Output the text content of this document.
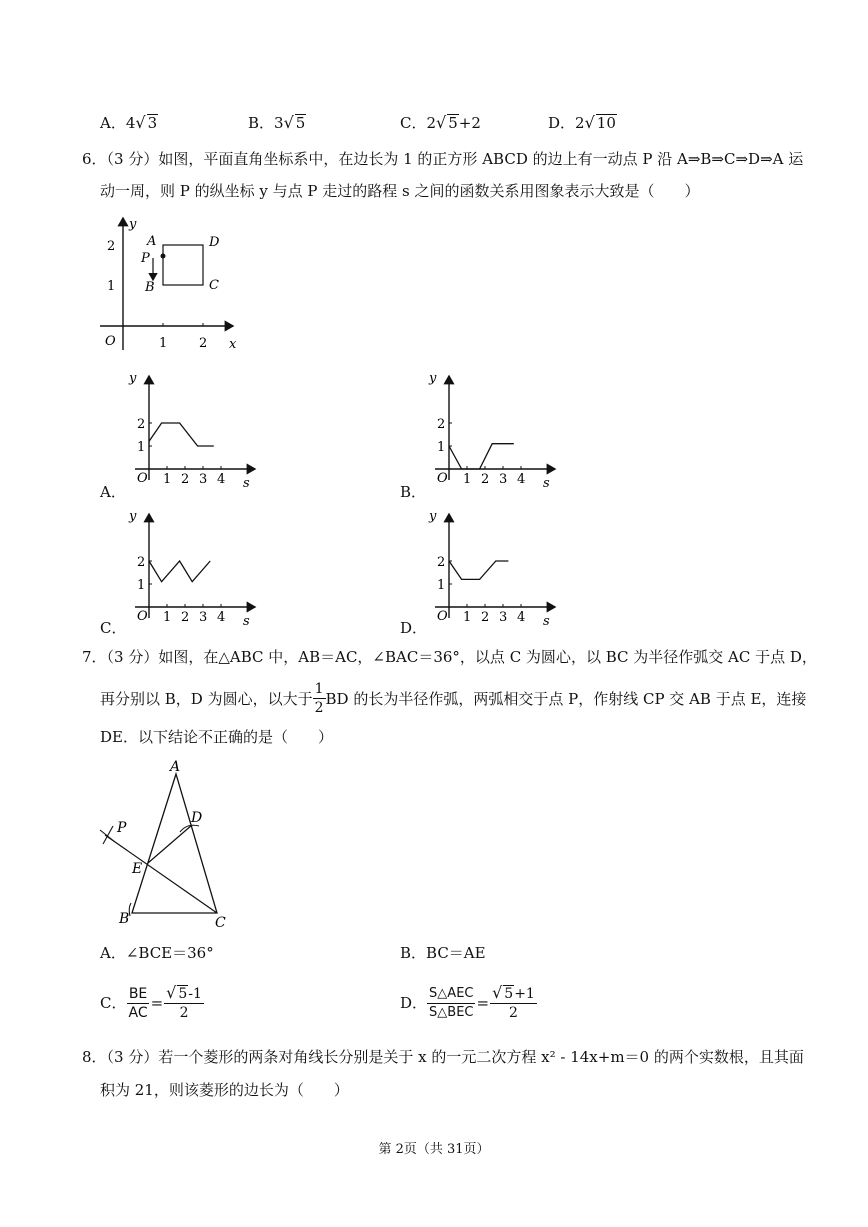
A．4√ 3	B．3√ 5	C．2√ 5+2	D．2√ 10
6．（3 分）如图，平面直角坐标系中，在边长为 1 的正方形 ABCD 的边上有一动点 P 沿 A⇒B⇒C⇒D⇒A 运
动一周，则 P 的纵坐标 y 与点 P 走过的路程 s 之间的函数关系用图象表示大致是（　　）
y
x
O	1 2
2
1
A
P
B
D
C
y
s
O 1 2 3 4
1
2
y
s
O 1 2 3 4
1
2
y
s
O 1 2 3 4
1
2
y
s
O 1 2 3 4
1
2
A．	B．
C．	D．
7．（3 分）如图，在△ABC 中，AB＝AC，∠BAC＝36°，以点 C 为圆心，以 BC 为半径作弧交 AC 于点 D，
再分别以 B，D 为圆心，以大于 $\frac{1}{2}$ BD 的长为半径作弧，两弧相交于点 P，作射线 CP 交 AB 于点 E，连接
DE．以下结论不正确的是（　　）
A
D
P
E
B	C
A．∠BCE＝36°	B．BC＝AE
C． $\frac{BE}{AC} = \frac{√ 5-1}{2}$	D． $\frac{\text{S△AEC}}{\text{S△BEC}} = \frac{√ 5+1}{2}$
8．（3 分）若一个菱形的两条对角线长分别是关于 x 的一元二次方程 x² - 14x+m＝0 的两个实数根，且其面
积为 21，则该菱形的边长为（　　）
第 2页（共 31页）
